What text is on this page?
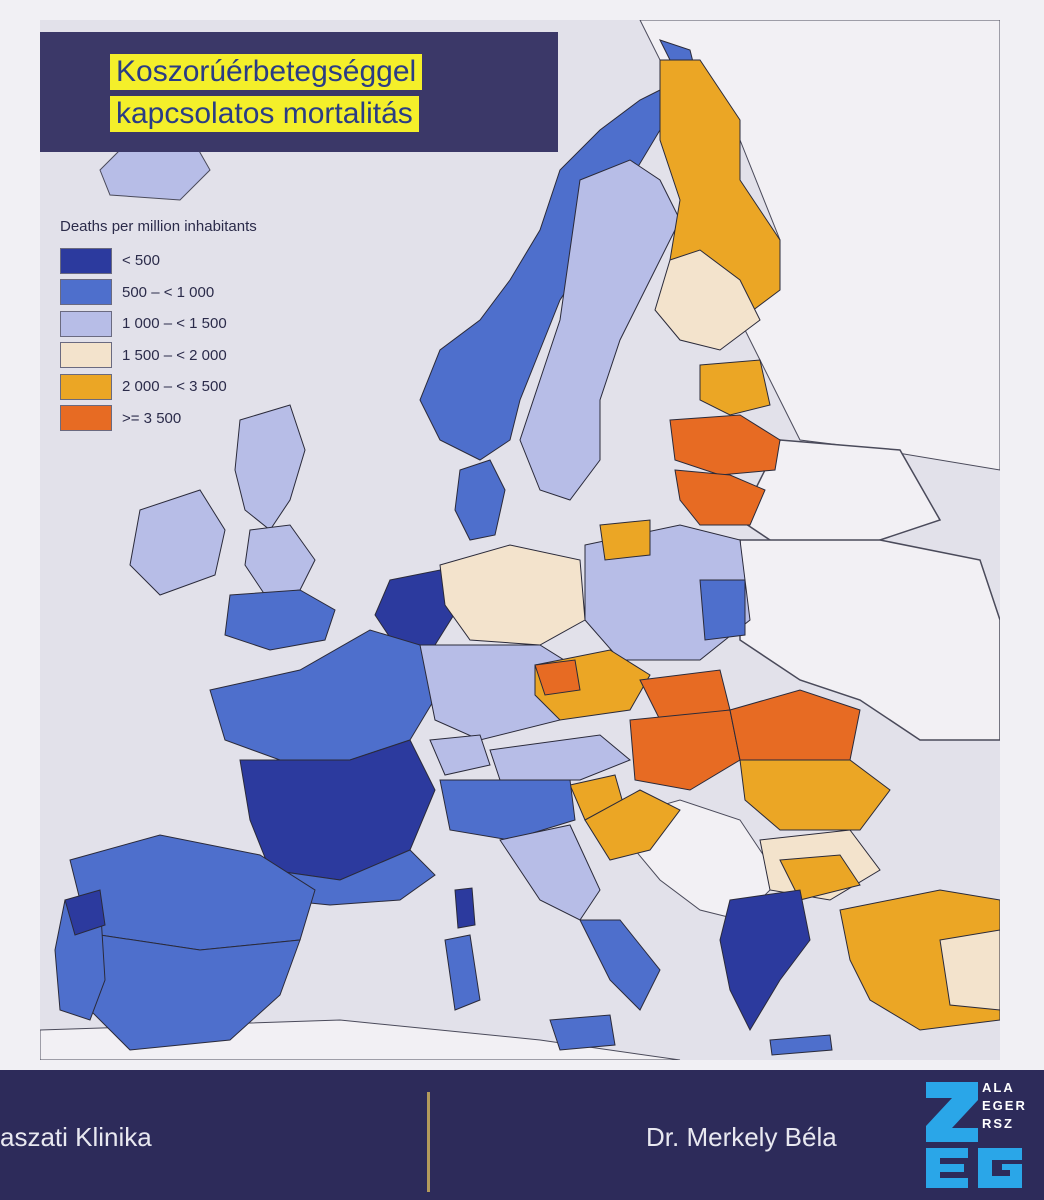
Koszorúérbetegséggel
kapcsolatos mortalitás
Deaths per million inhabitants
< 500
500 – < 1 000
1 000 – < 1 500
1 500 – < 2 000
2 000 – < 3 500
>= 3 500
aszati Klinika	Dr. Merkely Béla
ALA
EGER
RSZ
